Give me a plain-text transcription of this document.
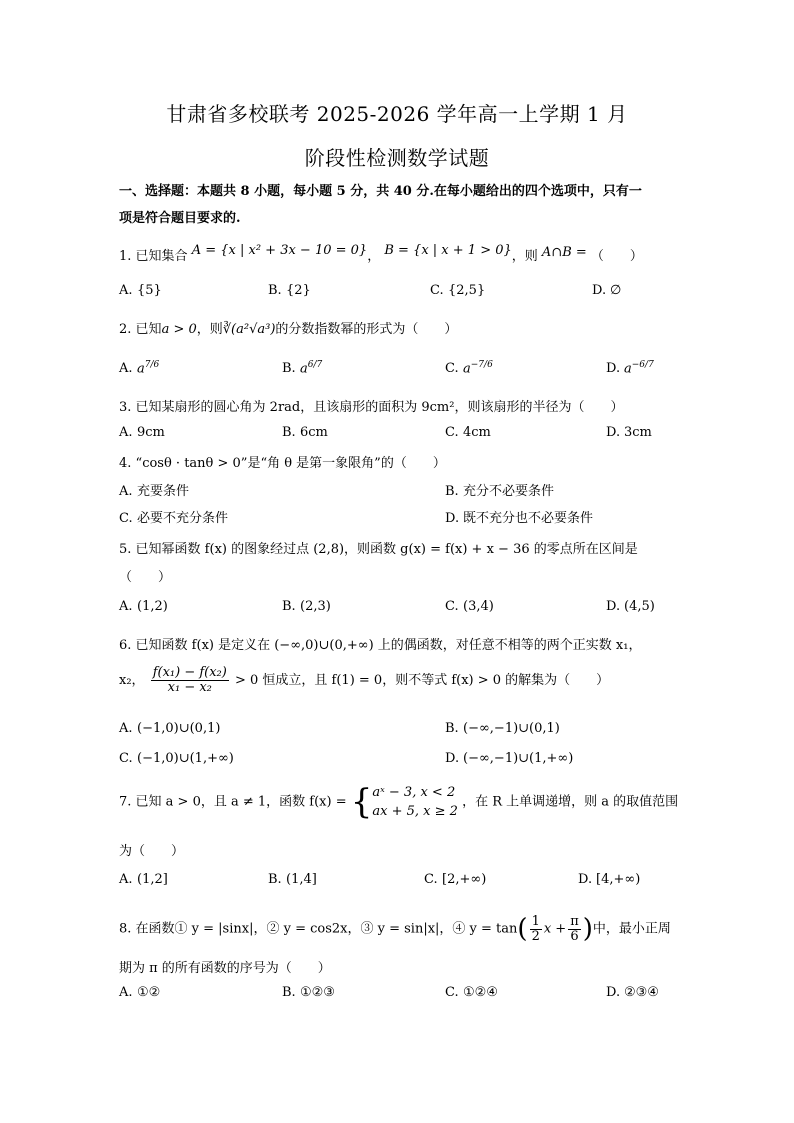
甘肃省多校联考 2025-2026 学年高一上学期 1 月
阶段性检测数学试题
一、选择题：本题共 8 小题，每小题 5 分，共 40 分.在每小题给出的四个选项中，只有一
项是符合题目要求的.
1. 已知集合 A = {x | x² + 3x − 10 = 0}， B = {x | x + 1 > 0}，则 A∩B = （　　）
A. {5}	B. {2}	C. {2,5}	D. ∅
2. 已知a > 0，则∛(a²√a³)的分数指数幂的形式为（　　）
A. $a^{7/6}$	B. $a^{6/7}$	C. $a^{-7/6}$	D. $a^{-6/7}$
3. 已知某扇形的圆心角为 2rad，且该扇形的面积为 9cm²，则该扇形的半径为（　　）
A. 9cm	B. 6cm	C. 4cm	D. 3cm
4. “cosθ · tanθ > 0”是“角 θ 是第一象限角”的（　　）
A. 充要条件	B. 充分不必要条件
C. 必要不充分条件	D. 既不充分也不必要条件
5. 已知幂函数 f(x) 的图象经过点 (2,8)，则函数 g(x) = f(x) + x − 36 的零点所在区间是
（　　）
A. (1,2)	B. (2,3)	C. (3,4)	D. (4,5)
6. 已知函数 f(x) 是定义在 (−∞,0)∪(0,+∞) 上的偶函数，对任意不相等的两个正实数 x₁，
x₂， $\frac{\text{f(x₁) − f(x₂)}}{\text{x₁ − x₂}} > 0$ 恒成立，且 f(1) = 0，则不等式 f(x) > 0 的解集为（　　）
A. (−1,0)∪(0,1)	B. (−∞,−1)∪(0,1)
C. (−1,0)∪(1,+∞)	D. (−∞,−1)∪(1,+∞)
7. 已知 a > 0，且 a ≠ 1，函数 f(x) = { aˣ − 3, x < 2
ax + 5, x ≥ 2
，在 R 上单调递增，则 a 的取值范围
为（　　）
A. (1,2]	B. (1,4]	C. [2,+∞)	D. [4,+∞)
8. 在函数① y = |sinx|，② y = cos2x，③ y = sin|x|，④ $y = \tan( \frac{1}{2}$ $x + \frac{\pi}{6}$ )中，最小正周
期为 π 的所有函数的序号为（　　）
A. ①②	B. ①②③	C. ①②④	D. ②③④
